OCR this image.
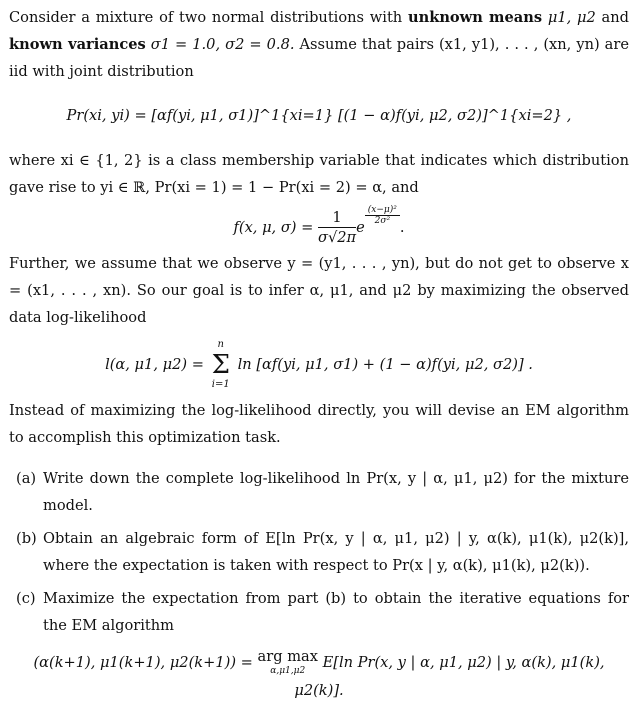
Consider a mixture of two normal distributions with unknown means μ1, μ2 and known variances σ1 = 1.0, σ2 = 0.8. Assume that pairs (x1, y1), . . . , (xn, yn) are iid with joint distribution

Pr(xi, yi) = [αf(yi, μ1, σ1)]^1{xi=1} [(1 − α)f(yi, μ2, σ2)]^1{xi=2} ,

where xi ∈ {1, 2} is a class membership variable that indicates which distribution gave rise to yi ∈ ℝ, Pr(xi = 1) = 1 − Pr(xi = 2) = α, and

f(x, μ, $\sigma) = \frac{1}{\sigma√2\pi}$ e
$\frac{\text{(x−μ)²}}{\text{2σ²}}$
.

Further, we assume that we observe y = (y1, . . . , yn), but do not get to observe x = (x1, . . . , xn). So our goal is to infer α, μ1, and μ2 by maximizing the observed data log-likelihood

l(α, μ1, μ2) =
n
Σ
i=1
ln [αf(yi, μ1, σ1) + (1 − α)f(yi, μ2, σ2)] .

Instead of maximizing the log-likelihood directly, you will devise an EM algorithm to accomplish this optimization task.

(a) Write down the complete log-likelihood ln Pr(x, y | α, μ1, μ2) for the mixture model.
(b) Obtain an algebraic form of E[ln Pr(x, y | α, μ1, μ2) | y, α(k), μ1(k), μ2(k)], where the expectation is taken with respect to Pr(x | y, α(k), μ1(k), μ2(k)).
(c) Maximize the expectation from part (b) to obtain the iterative equations for the EM algorithm
(α(k+1), μ1(k+1), μ2(k+1)) = arg max
α,μ1,μ2	E[ln Pr(x, y | α, μ1, μ2) | y, α(k), μ1(k), μ2(k)].
